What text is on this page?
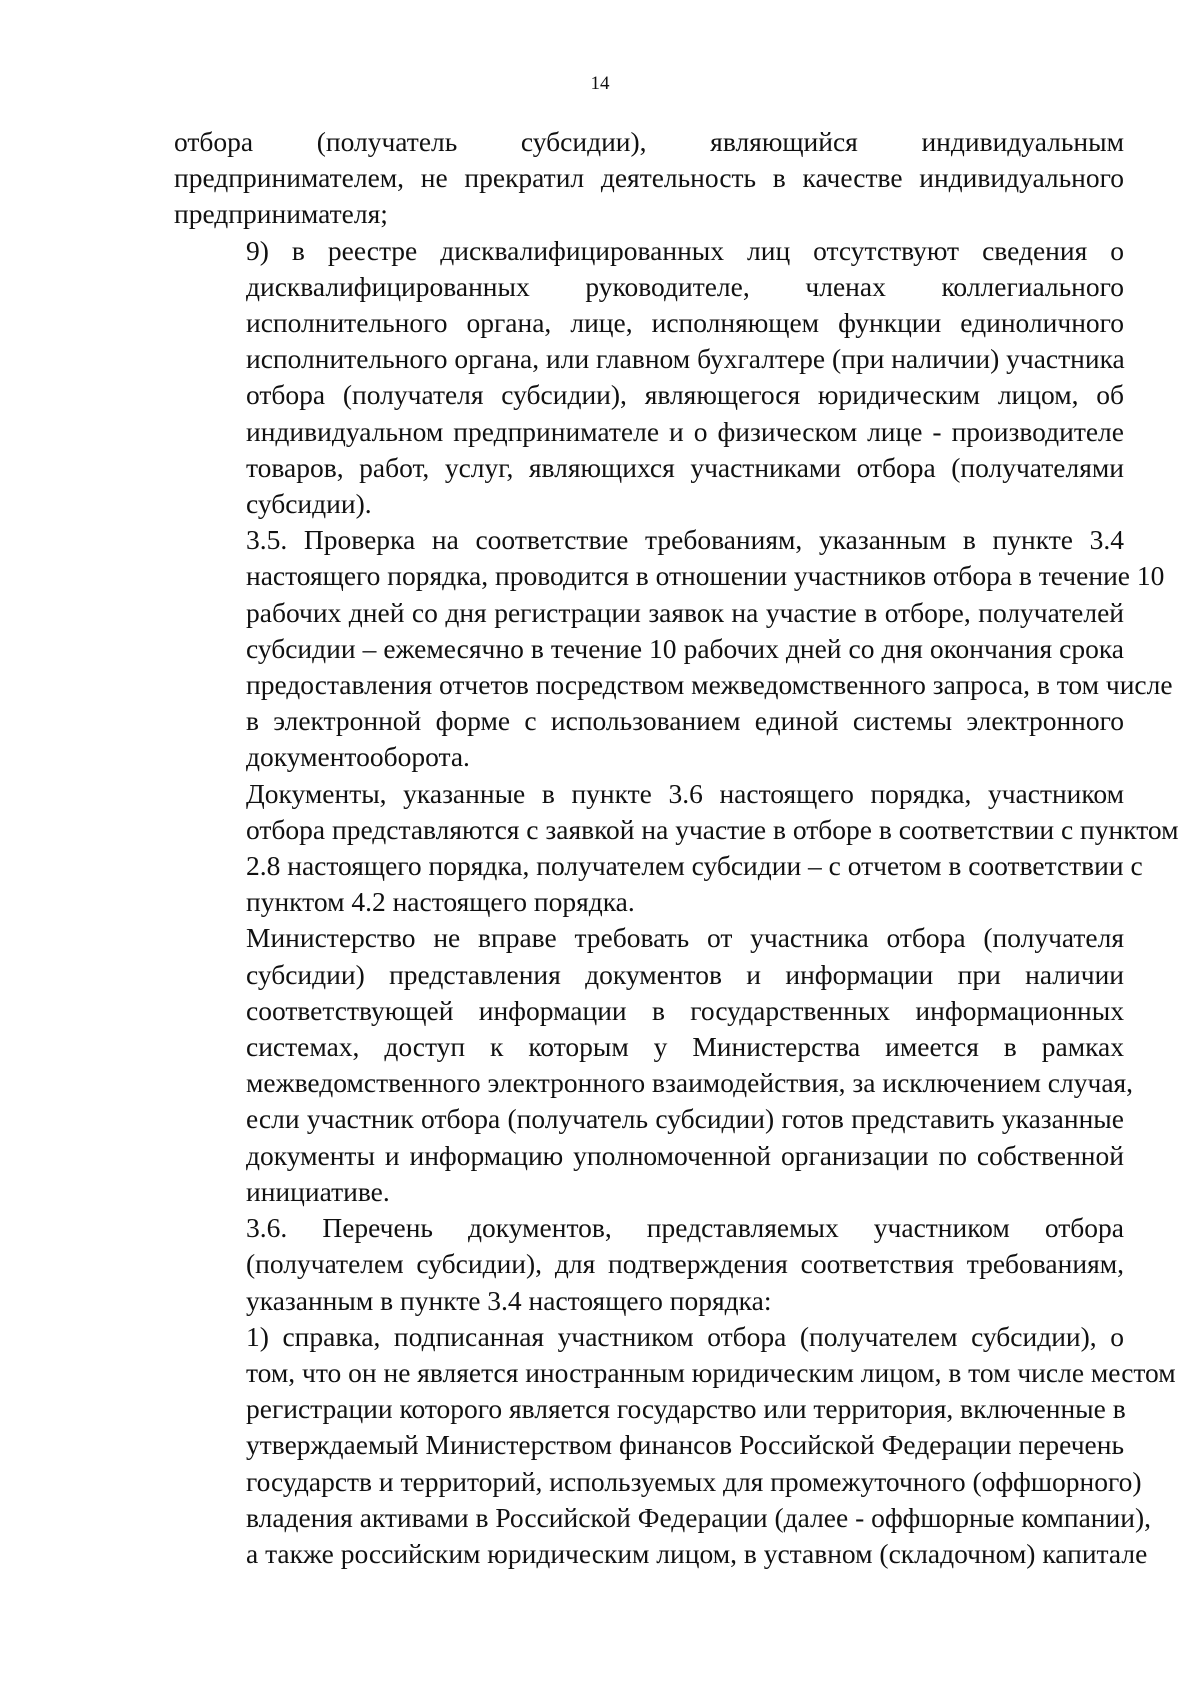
14
отбора (получатель субсидии), являющийся индивидуальным
предпринимателем, не прекратил деятельность в качестве индивидуального
предпринимателя;
9) в реестре дисквалифицированных лиц отсутствуют сведения о
дисквалифицированных руководителе, членах коллегиального
исполнительного органа, лице, исполняющем функции единоличного
исполнительного органа, или главном бухгалтере (при наличии) участника
отбора (получателя субсидии), являющегося юридическим лицом, об
индивидуальном предпринимателе и о физическом лице - производителе
товаров, работ, услуг, являющихся участниками отбора (получателями
субсидии).
3.5. Проверка на соответствие требованиям, указанным в пункте 3.4
настоящего порядка, проводится в отношении участников отбора в течение 10
рабочих дней со дня регистрации заявок на участие в отборе, получателей
субсидии – ежемесячно в течение 10 рабочих дней со дня окончания срока
предоставления отчетов посредством межведомственного запроса, в том числе
в электронной форме с использованием единой системы электронного
документооборота.
Документы, указанные в пункте 3.6 настоящего порядка, участником
отбора представляются с заявкой на участие в отборе в соответствии с пунктом
2.8 настоящего порядка, получателем субсидии – с отчетом в соответствии с
пунктом 4.2 настоящего порядка.
Министерство не вправе требовать от участника отбора (получателя
субсидии) представления документов и информации при наличии
соответствующей информации в государственных информационных
системах, доступ к которым у Министерства имеется в рамках
межведомственного электронного взаимодействия, за исключением случая,
если участник отбора (получатель субсидии) готов представить указанные
документы и информацию уполномоченной организации по собственной
инициативе.
3.6. Перечень документов, представляемых участником отбора
(получателем субсидии), для подтверждения соответствия требованиям,
указанным в пункте 3.4 настоящего порядка:
1) справка, подписанная участником отбора (получателем субсидии), о
том, что он не является иностранным юридическим лицом, в том числе местом
регистрации которого является государство или территория, включенные в
утверждаемый Министерством финансов Российской Федерации перечень
государств и территорий, используемых для промежуточного (оффшорного)
владения активами в Российской Федерации (далее - оффшорные компании),
а также российским юридическим лицом, в уставном (складочном) капитале
